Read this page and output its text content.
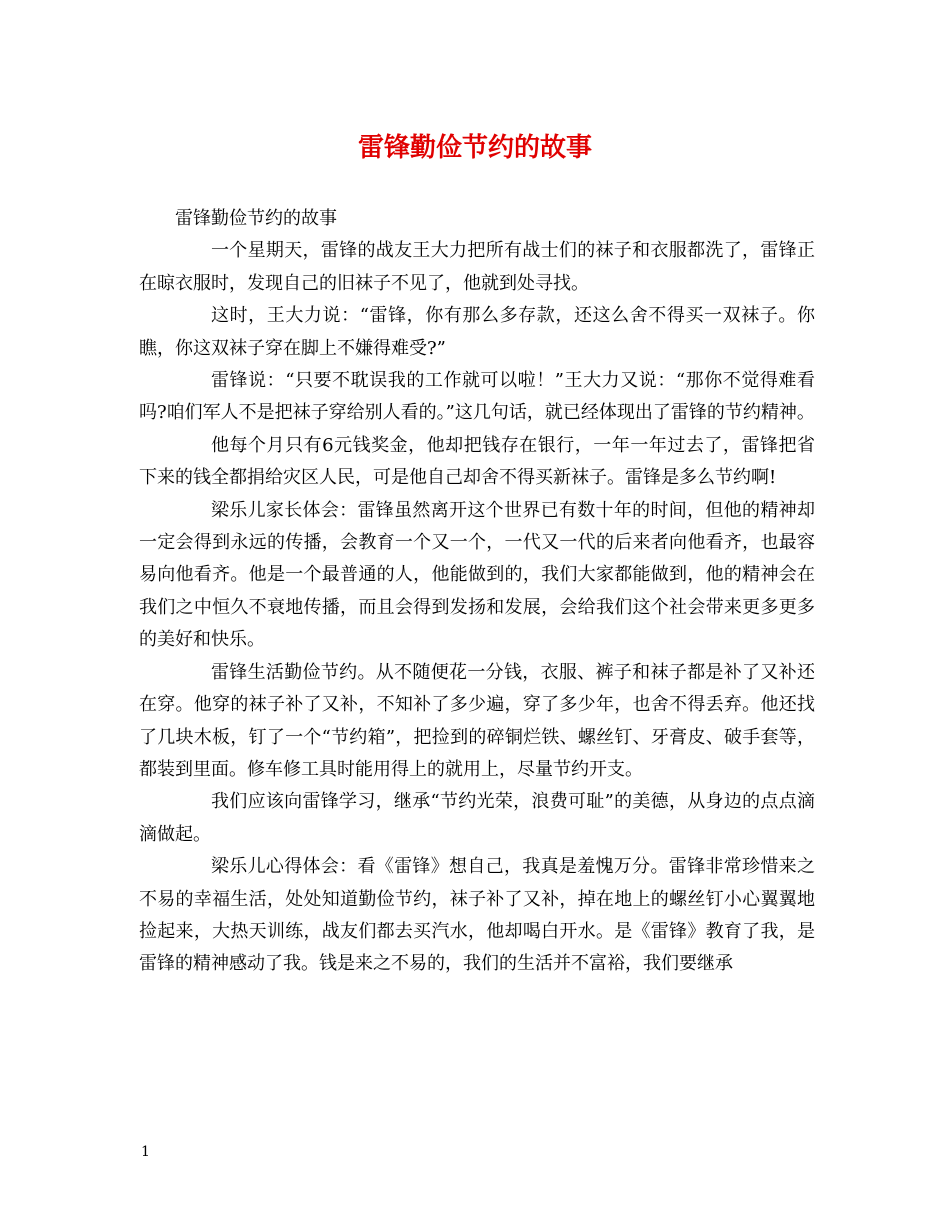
雷锋勤俭节约的故事

雷锋勤俭节约的故事

一个星期天，雷锋的战友王大力把所有战士们的袜子和衣服都洗了，雷锋正在晾衣服时，发现自己的旧袜子不见了，他就到处寻找。

这时，王大力说：“雷锋，你有那么多存款，还这么舍不得买一双袜子。你瞧，你这双袜子穿在脚上不嫌得难受?”

雷锋说：“只要不耽误我的工作就可以啦！”王大力又说：“那你不觉得难看吗?咱们军人不是把袜子穿给别人看的。”这几句话，就已经体现出了雷锋的节约精神。

他每个月只有6元钱奖金，他却把钱存在银行，一年一年过去了，雷锋把省下来的钱全都捐给灾区人民，可是他自己却舍不得买新袜子。雷锋是多么节约啊!

梁乐儿家长体会：雷锋虽然离开这个世界已有数十年的时间，但他的精神却一定会得到永远的传播，会教育一个又一个，一代又一代的后来者向他看齐，也最容易向他看齐。他是一个最普通的人，他能做到的，我们大家都能做到，他的精神会在我们之中恒久不衰地传播，而且会得到发扬和发展，会给我们这个社会带来更多更多的美好和快乐。

雷锋生活勤俭节约。从不随便花一分钱，衣服、裤子和袜子都是补了又补还在穿。他穿的袜子补了又补，不知补了多少遍，穿了多少年，也舍不得丢弃。他还找了几块木板，钉了一个“节约箱”，把捡到的碎铜烂铁、螺丝钉、牙膏皮、破手套等，都装到里面。修车修工具时能用得上的就用上，尽量节约开支。

我们应该向雷锋学习，继承“节约光荣，浪费可耻”的美德，从身边的点点滴滴做起。

梁乐儿心得体会：看《雷锋》想自己，我真是羞愧万分。雷锋非常珍惜来之不易的幸福生活，处处知道勤俭节约，袜子补了又补，掉在地上的螺丝钉小心翼翼地捡起来，大热天训练，战友们都去买汽水，他却喝白开水。是《雷锋》教育了我，是雷锋的精神感动了我。钱是来之不易的，我们的生活并不富裕，我们要继承

1
